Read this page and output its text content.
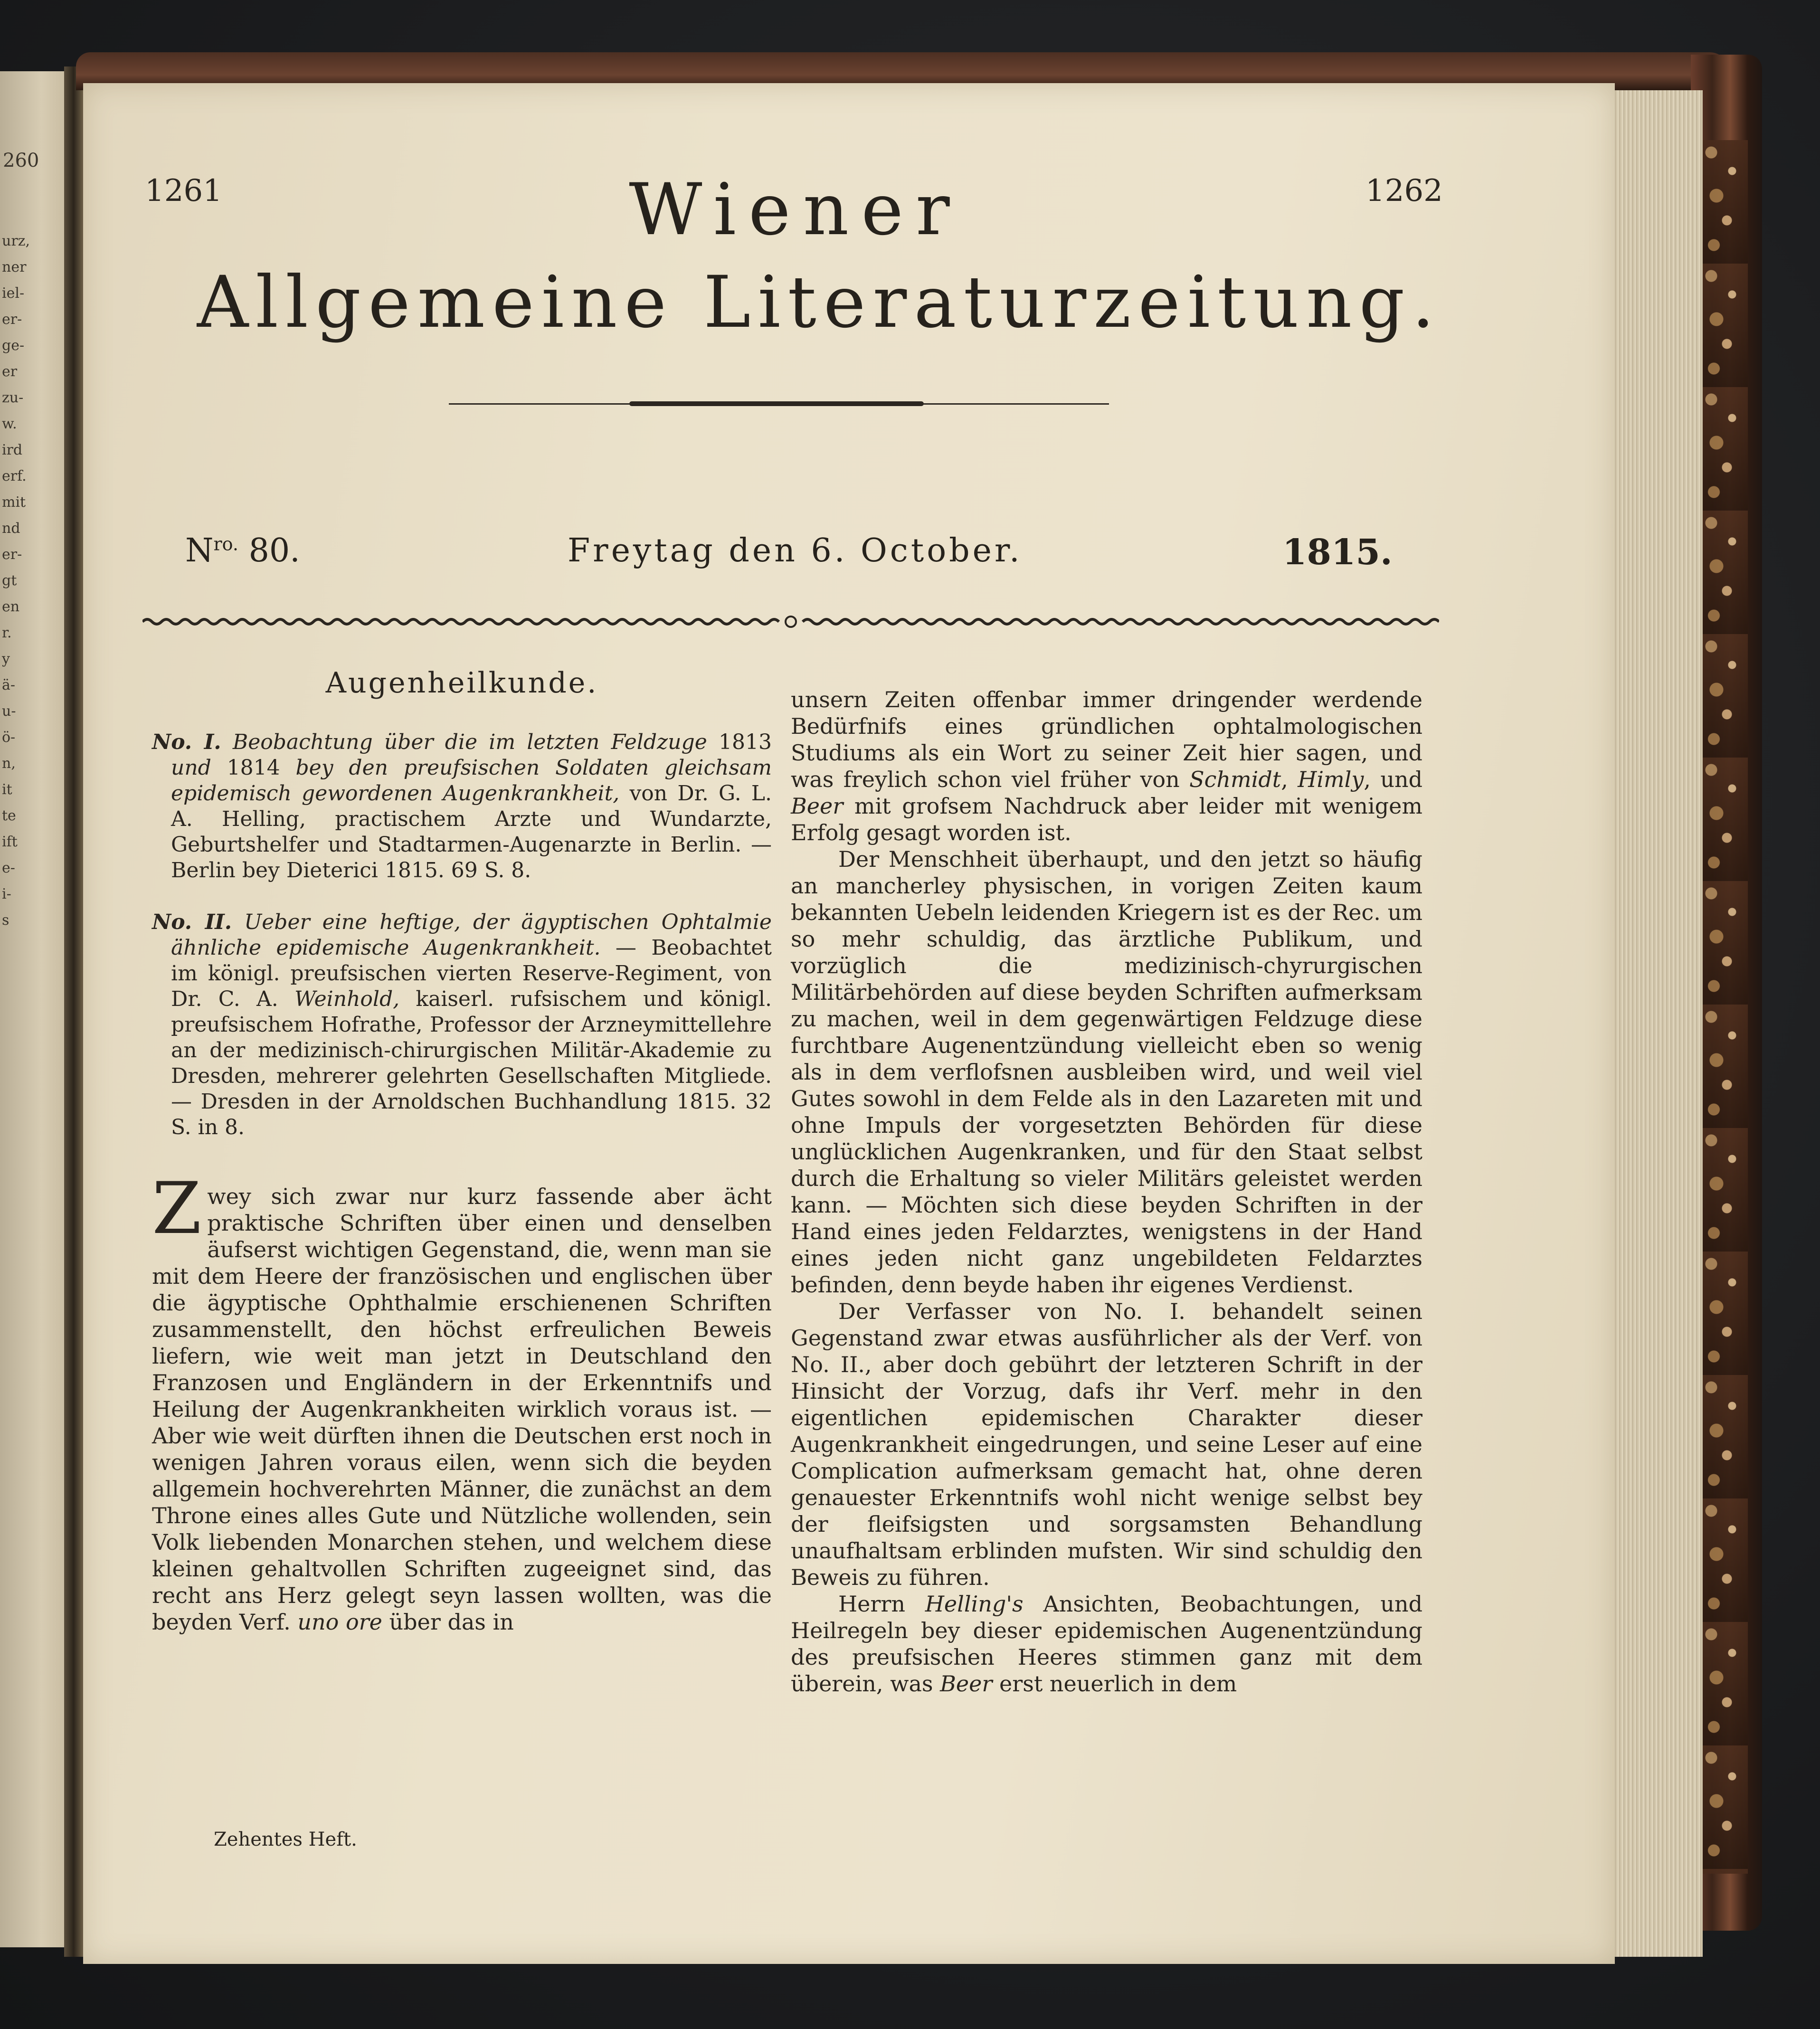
260
urz,
ner
iel-
er-
ge-
er
zu-
w.
ird
erf.
mit
nd
er-
gt
en
r.
y
ä-
u-
ö-
n,
it
te
ift
e-
i-
s
1261	1262
Wiener
Allgemeine Literaturzeitung.
$N^{ro.}$ 80.	Freytag den 6. October.	1815.
Augenheilkunde.

No. I. Beobachtung über die im letzten Feldzuge 1813 und 1814 bey den preufsischen Soldaten gleichsam epidemisch gewordenen Augenkrankheit, von Dr. G. L. A. Helling, practischem Arzte und Wundarzte, Geburtshelfer und Stadtarmen-Augenarzte in Berlin. — Berlin bey Dieterici 1815. 69 S. 8.

No. II. Ueber eine heftige, der ägyptischen Ophtalmie ähnliche epidemische Augenkrankheit. — Beobachtet im königl. preufsischen vierten Reserve-Regiment, von Dr. C. A. Weinhold, kaiserl. rufsischem und königl. preufsischem Hofrathe, Professor der Arzneymittellehre an der medizinisch-chirurgischen Militär-Akademie zu Dresden, mehrerer gelehrten Gesellschaften Mitgliede. — Dresden in der Arnoldschen Buchhandlung 1815. 32 S. in 8.

Zwey sich zwar nur kurz fassende aber ächt praktische Schriften über einen und denselben äufserst wichtigen Gegenstand, die, wenn man sie mit dem Heere der französischen und englischen über die ägyptische Ophthalmie erschienenen Schriften zusammenstellt, den höchst erfreulichen Beweis liefern, wie weit man jetzt in Deutschland den Franzosen und Engländern in der Erkenntnifs und Heilung der Augenkrankheiten wirklich voraus ist. — Aber wie weit dürften ihnen die Deutschen erst noch in wenigen Jahren voraus eilen, wenn sich die beyden allgemein hochverehrten Männer, die zunächst an dem Throne eines alles Gute und Nützliche wollenden, sein Volk liebenden Monarchen stehen, und welchem diese kleinen gehaltvollen Schriften zugeeignet sind, das recht ans Herz gelegt seyn lassen wollten, was die beyden Verf. uno ore über das in

Zehentes Heft.

unsern Zeiten offenbar immer dringender werdende Bedürfnifs eines gründlichen ophtalmologischen Studiums als ein Wort zu seiner Zeit hier sagen, und was freylich schon viel früher von Schmidt, Himly, und Beer mit grofsem Nachdruck aber leider mit wenigem Erfolg gesagt worden ist.

Der Menschheit überhaupt, und den jetzt so häufig an mancherley physischen, in vorigen Zeiten kaum bekannten Uebeln leidenden Kriegern ist es der Rec. um so mehr schuldig, das ärztliche Publikum, und vorzüglich die medizinisch-chyrurgischen Militärbehörden auf diese beyden Schriften aufmerksam zu machen, weil in dem gegenwärtigen Feldzuge diese furchtbare Augenentzündung vielleicht eben so wenig als in dem verflofsnen ausbleiben wird, und weil viel Gutes sowohl in dem Felde als in den Lazareten mit und ohne Impuls der vorgesetzten Behörden für diese unglücklichen Augenkranken, und für den Staat selbst durch die Erhaltung so vieler Militärs geleistet werden kann. — Möchten sich diese beyden Schriften in der Hand eines jeden Feldarztes, wenigstens in der Hand eines jeden nicht ganz ungebildeten Feldarztes befinden, denn beyde haben ihr eigenes Verdienst.

Der Verfasser von No. I. behandelt seinen Gegenstand zwar etwas ausführlicher als der Verf. von No. II., aber doch gebührt der letzteren Schrift in der Hinsicht der Vorzug, dafs ihr Verf. mehr in den eigentlichen epidemischen Charakter dieser Augenkrankheit eingedrungen, und seine Leser auf eine Complication aufmerksam gemacht hat, ohne deren genauester Erkenntnifs wohl nicht wenige selbst bey der fleifsigsten und sorgsamsten Behandlung unaufhaltsam erblinden mufsten. Wir sind schuldig den Beweis zu führen.

Herrn Helling's Ansichten, Beobachtungen, und Heilregeln bey dieser epidemischen Augenentzündung des preufsischen Heeres stimmen ganz mit dem überein, was Beer erst neuerlich in dem
